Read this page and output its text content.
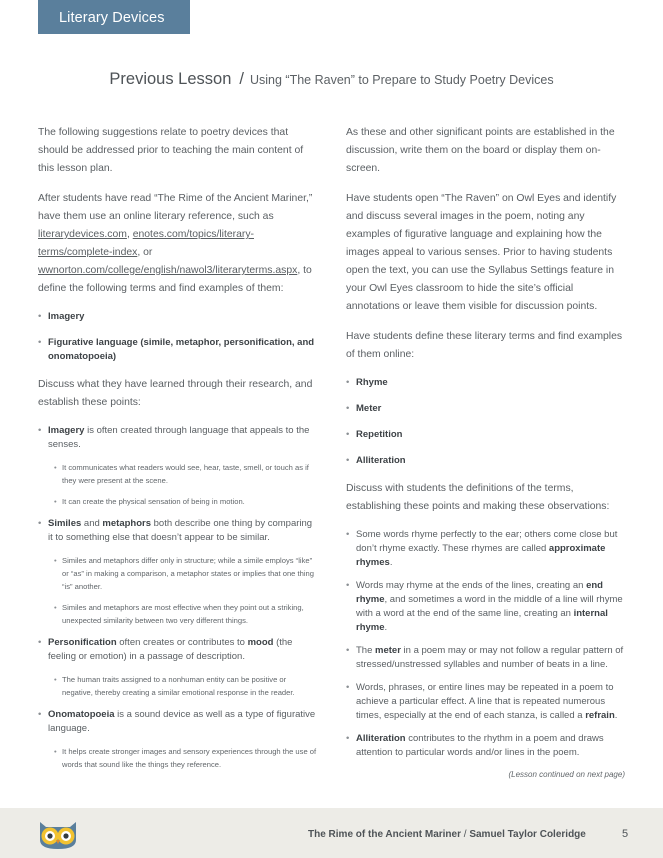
Literary Devices
Previous Lesson / Using “The Raven” to Prepare to Study Poetry Devices

The following suggestions relate to poetry devices that should be addressed prior to teaching the main content of this lesson plan.

After students have read “The Rime of the Ancient Mariner,” have them use an online literary reference, such as literarydevices.com, enotes.com/topics/literary-terms/complete-index, or wwnorton.com/college/english/nawol3/literaryterms.aspx, to define the following terms and find examples of them:

• Imagery
• Figurative language (simile, metaphor, personification, and onomatopoeia)

Discuss what they have learned through their research, and establish these points:

• Imagery is often created through language that appeals to the senses.
• It communicates what readers would see, hear, taste, smell, or touch as if they were present at the scene.
• It can create the physical sensation of being in motion.
• Similes and metaphors both describe one thing by comparing it to something else that doesn’t appear to be similar.
• Similes and metaphors differ only in structure; while a simile employs “like” or “as” in making a comparison, a metaphor states or implies that one thing “is” another.
• Similes and metaphors are most effective when they point out a striking, unexpected similarity between two very different things.
• Personification often creates or contributes to mood (the feeling or emotion) in a passage of description.
• The human traits assigned to a nonhuman entity can be positive or negative, thereby creating a similar emotional response in the reader.
• Onomatopoeia is a sound device as well as a type of figurative language.
• It helps create stronger images and sensory experiences through the use of words that sound like the things they reference.

As these and other significant points are established in the discussion, write them on the board or display them on-screen.

Have students open “The Raven” on Owl Eyes and identify and discuss several images in the poem, noting any examples of figurative language and explaining how the images appeal to various senses. Prior to having students open the text, you can use the Syllabus Settings feature in your Owl Eyes classroom to hide the site’s official annotations or leave them visible for discussion points.

Have students define these literary terms and find examples of them online:

• Rhyme
• Meter
• Repetition
• Alliteration

Discuss with students the definitions of the terms, establishing these points and making these observations:

• Some words rhyme perfectly to the ear; others come close but don’t rhyme exactly. These rhymes are called approximate rhymes.
• Words may rhyme at the ends of the lines, creating an end rhyme, and sometimes a word in the middle of a line will rhyme with a word at the end of the same line, creating an internal rhyme.
• The meter in a poem may or may not follow a regular pattern of stressed/unstressed syllables and number of beats in a line.
• Words, phrases, or entire lines may be repeated in a poem to achieve a particular effect. A line that is repeated numerous times, especially at the end of each stanza, is called a refrain.
• Alliteration contributes to the rhythm in a poem and draws attention to particular words and/or lines in the poem.
(Lesson continued on next page)
The Rime of the Ancient Mariner / Samuel Taylor Coleridge	5
